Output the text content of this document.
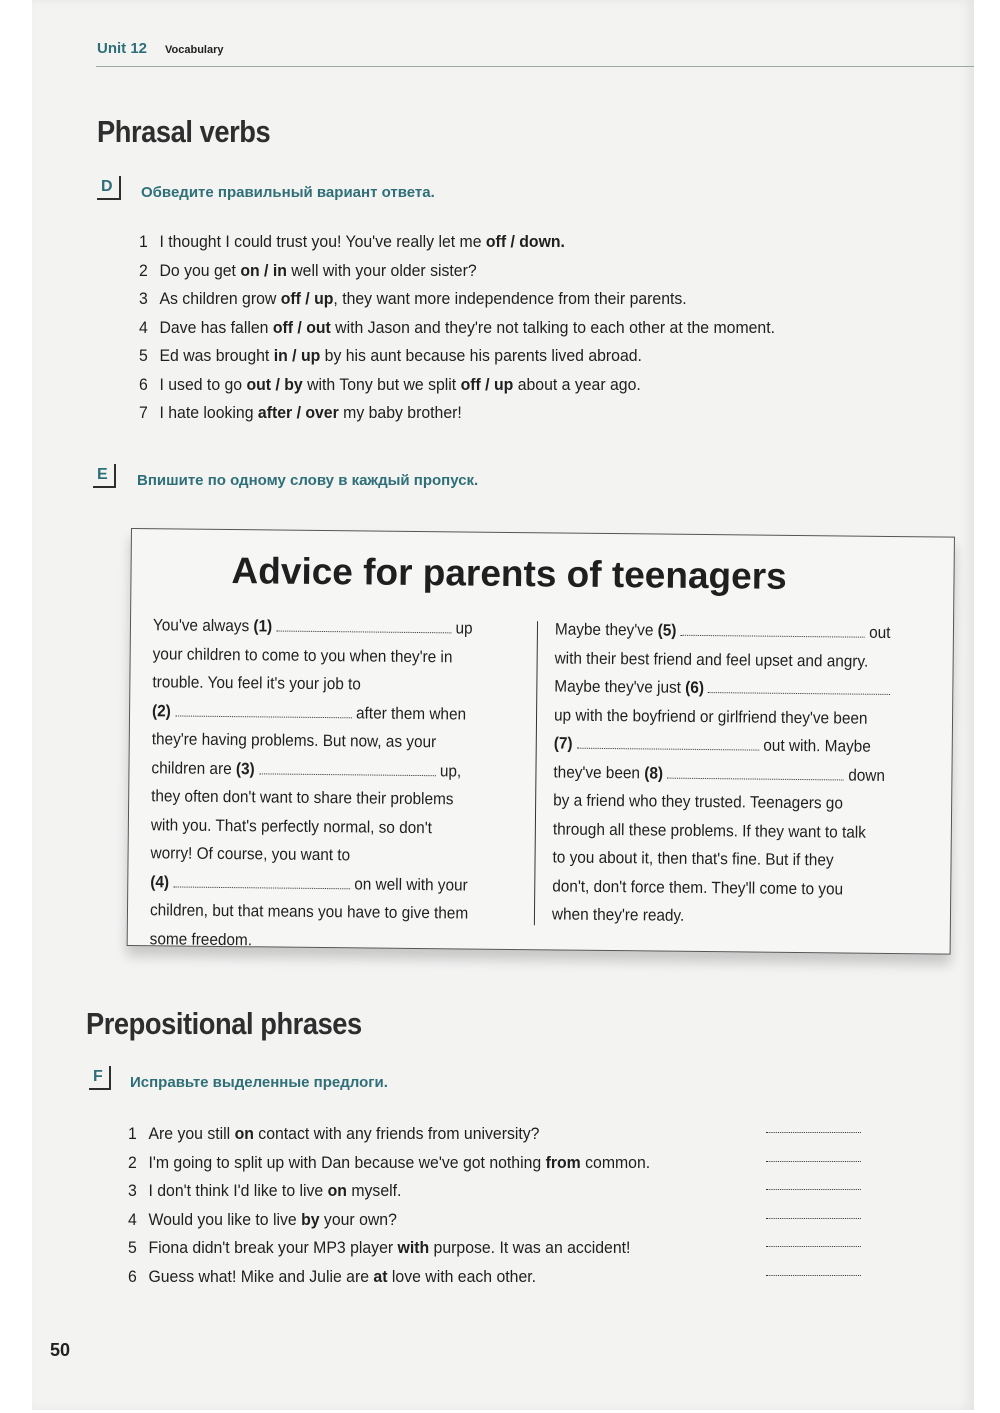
Unit 12 Vocabulary
Phrasal verbs
D	Обведите правильный вариант ответа.
1 I thought I could trust you! You've really let me off / down.
2 Do you get on / in well with your older sister?
3 As children grow off / up, they want more independence from their parents.
4 Dave has fallen off / out with Jason and they're not talking to each other at the moment.
5 Ed was brought in / up by his aunt because his parents lived abroad.
6 I used to go out / by with Tony but we split off / up about a year ago.
7 I hate looking after / over my baby brother!
E	Впишите по одному слову в каждый пропуск.
Advice for parents of teenagers
You've always (1)	up
your children to come to you when they're in
trouble. You feel it's your job to
(2)	after them when
they're having problems. But now, as your
children are (3)	up,
they often don't want to share their problems
with you. That's perfectly normal, so don't
worry! Of course, you want to
(4)	on well with your
children, but that means you have to give them
some freedom.
Maybe they've (5)	out
with their best friend and feel upset and angry.
Maybe they've just (6)
up with the boyfriend or girlfriend they've been
(7)	out with. Maybe
they've been (8)	down
by a friend who they trusted. Teenagers go
through all these problems. If they want to talk
to you about it, then that's fine. But if they
don't, don't force them. They'll come to you
when they're ready.
Prepositional phrases
F	Исправьте выделенные предлоги.
1 Are you still on contact with any friends from university?
2 I'm going to split up with Dan because we've got nothing from common.
3 I don't think I'd like to live on myself.
4 Would you like to live by your own?
5 Fiona didn't break your MP3 player with purpose. It was an accident!
6 Guess what! Mike and Julie are at love with each other.
50
